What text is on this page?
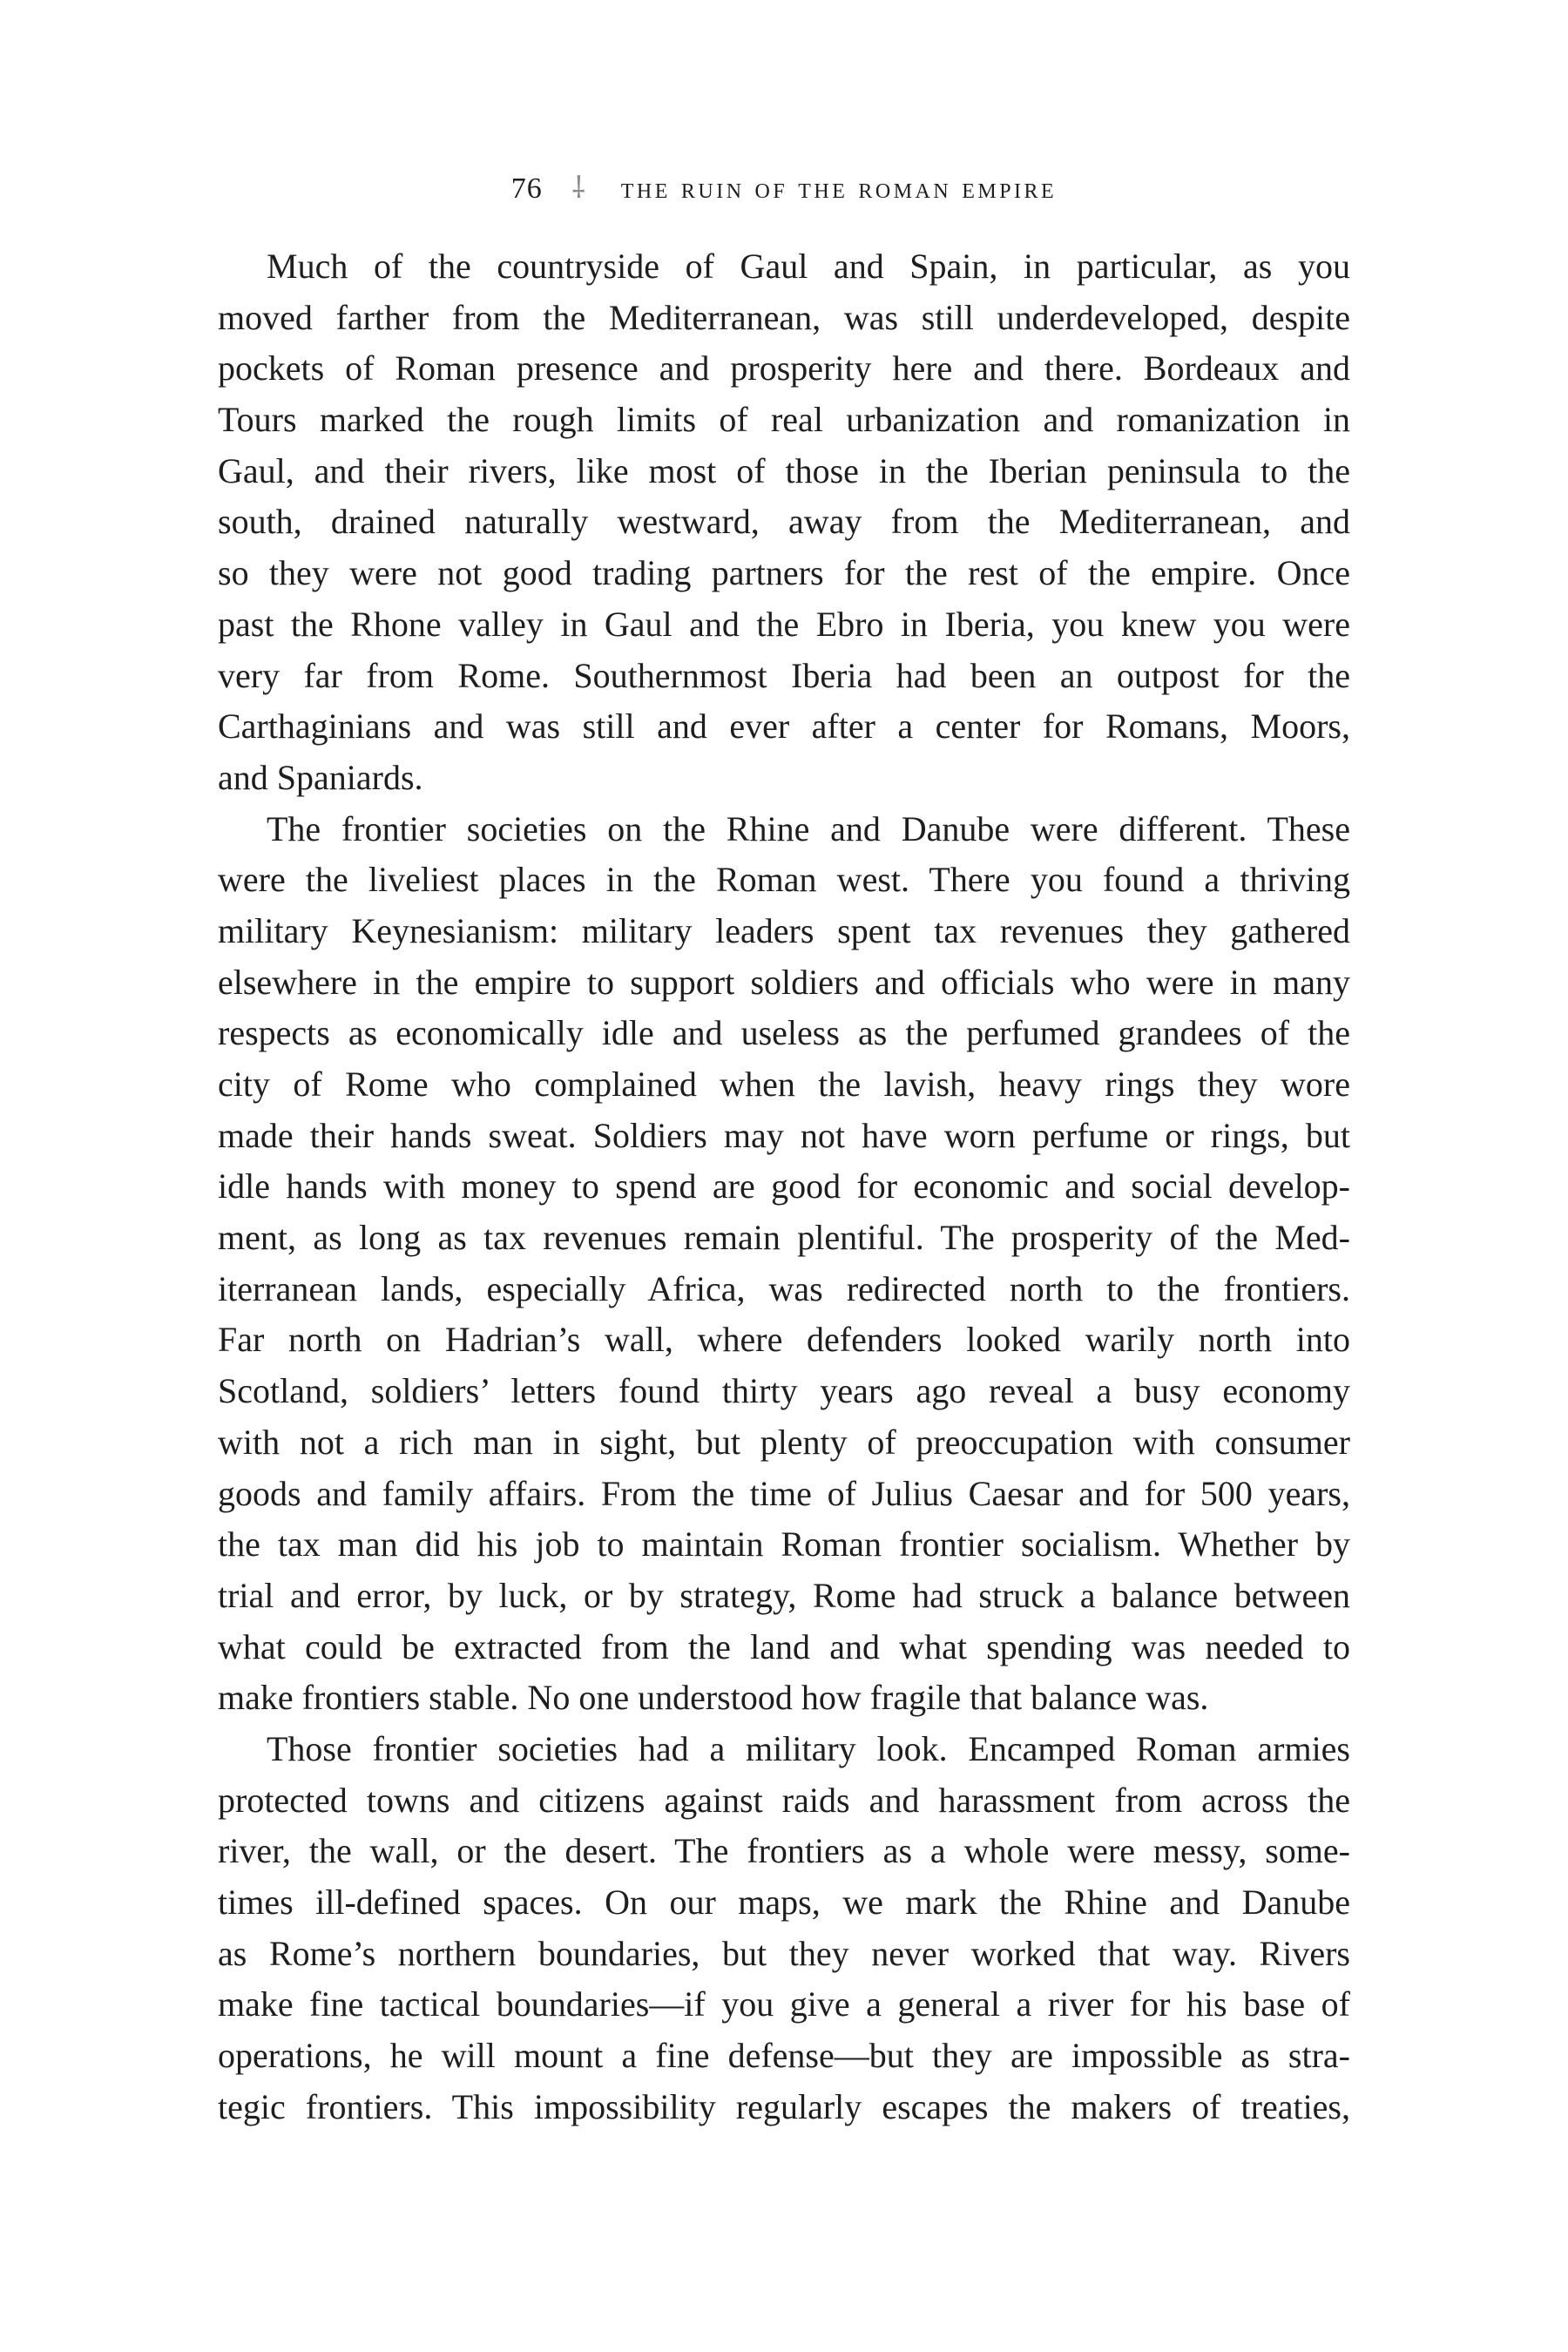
76 ⸸ the ruin of the roman empire
Much of the countryside of Gaul and Spain, in particular, as you
moved farther from the Mediterranean, was still underdeveloped, despite
pockets of Roman presence and prosperity here and there. Bordeaux and
Tours marked the rough limits of real urbanization and romanization in
Gaul, and their rivers, like most of those in the Iberian peninsula to the
south, drained naturally westward, away from the Mediterranean, and
so they were not good trading partners for the rest of the empire. Once
past the Rhone valley in Gaul and the Ebro in Iberia, you knew you were
very far from Rome. Southernmost Iberia had been an outpost for the
Carthaginians and was still and ever after a center for Romans, Moors,
and Spaniards.
The frontier societies on the Rhine and Danube were different. These
were the liveliest places in the Roman west. There you found a thriving
military Keynesianism: military leaders spent tax revenues they gathered
elsewhere in the empire to support soldiers and officials who were in many
respects as economically idle and useless as the perfumed grandees of the
city of Rome who complained when the lavish, heavy rings they wore
made their hands sweat. Soldiers may not have worn perfume or rings, but
idle hands with money to spend are good for economic and social develop-
ment, as long as tax revenues remain plentiful. The prosperity of the Med-
iterranean lands, especially Africa, was redirected north to the frontiers.
Far north on Hadrian’s wall, where defenders looked warily north into
Scotland, soldiers’ letters found thirty years ago reveal a busy economy
with not a rich man in sight, but plenty of preoccupation with consumer
goods and family affairs. From the time of Julius Caesar and for 500 years,
the tax man did his job to maintain Roman frontier socialism. Whether by
trial and error, by luck, or by strategy, Rome had struck a balance between
what could be extracted from the land and what spending was needed to
make frontiers stable. No one understood how fragile that balance was.
Those frontier societies had a military look. Encamped Roman armies
protected towns and citizens against raids and harassment from across the
river, the wall, or the desert. The frontiers as a whole were messy, some-
times ill-defined spaces. On our maps, we mark the Rhine and Danube
as Rome’s northern boundaries, but they never worked that way. Rivers
make fine tactical boundaries—if you give a general a river for his base of
operations, he will mount a fine defense—but they are impossible as stra-
tegic frontiers. This impossibility regularly escapes the makers of treaties,
